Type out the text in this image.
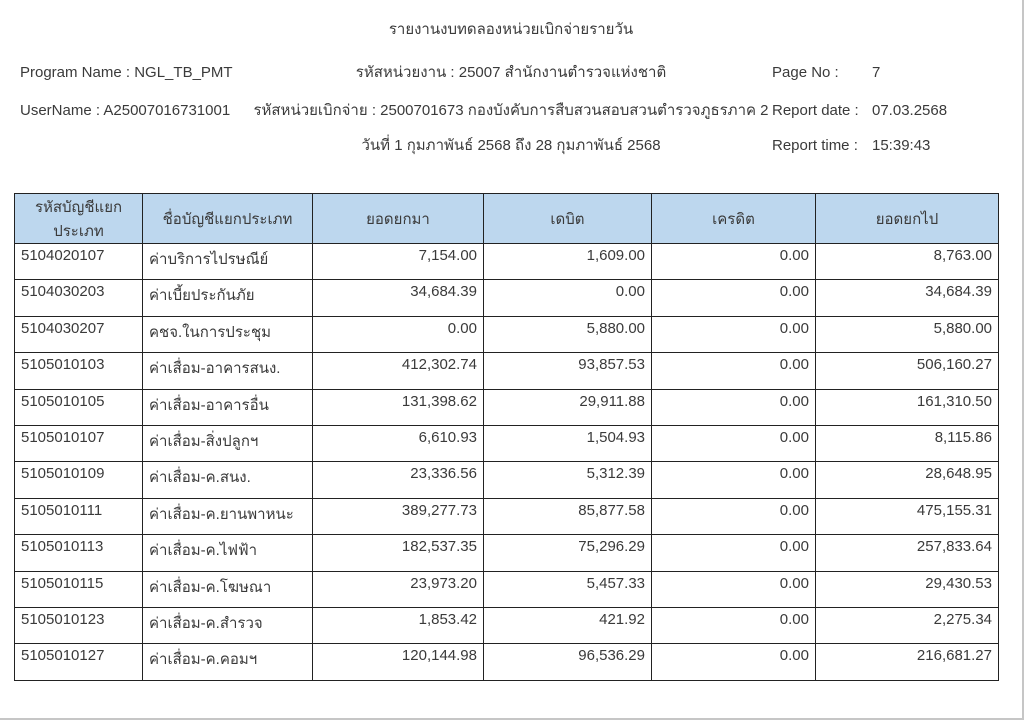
รายงานงบทดลองหน่วยเบิกจ่ายรายวัน
Program Name : NGL_TB_PMT	รหัสหน่วยงาน : 25007 สำนักงานตำรวจแห่งชาติ	Page No : 7
UserName : A25007016731001 รหัสหน่วยเบิกจ่าย : 2500701673 กองบังคับการสืบสวนสอบสวนตำรวจภูธรภาค 2 Report date : 07.03.2568
วันที่ 1 กุมภาพันธ์ 2568 ถึง 28 กุมภาพันธ์ 2568	Report time : 15:39:43
รหัสบัญชีแยกประเภท	ชื่อบัญชีแยกประเภท	ยอดยกมา	เดบิต	เครดิต	ยอดยกไป
5104020107	ค่าบริการไปรษณีย์	7,154.00	1,609.00	0.00	8,763.00
5104030203	ค่าเบี้ยประกันภัย	34,684.39	0.00	0.00	34,684.39
5104030207	คชจ.ในการประชุม	0.00	5,880.00	0.00	5,880.00
5105010103	ค่าเสื่อม-อาคารสนง.	412,302.74	93,857.53	0.00	506,160.27
5105010105	ค่าเสื่อม-อาคารอื่น	131,398.62	29,911.88	0.00	161,310.50
5105010107	ค่าเสื่อม-สิ่งปลูกฯ	6,610.93	1,504.93	0.00	8,115.86
5105010109	ค่าเสื่อม-ค.สนง.	23,336.56	5,312.39	0.00	28,648.95
5105010111	ค่าเสื่อม-ค.ยานพาหนะ	389,277.73	85,877.58	0.00	475,155.31
5105010113	ค่าเสื่อม-ค.ไฟฟ้า	182,537.35	75,296.29	0.00	257,833.64
5105010115	ค่าเสื่อม-ค.โฆษณา	23,973.20	5,457.33	0.00	29,430.53
5105010123	ค่าเสื่อม-ค.สำรวจ	1,853.42	421.92	0.00	2,275.34
5105010127	ค่าเสื่อม-ค.คอมฯ	120,144.98	96,536.29	0.00	216,681.27
